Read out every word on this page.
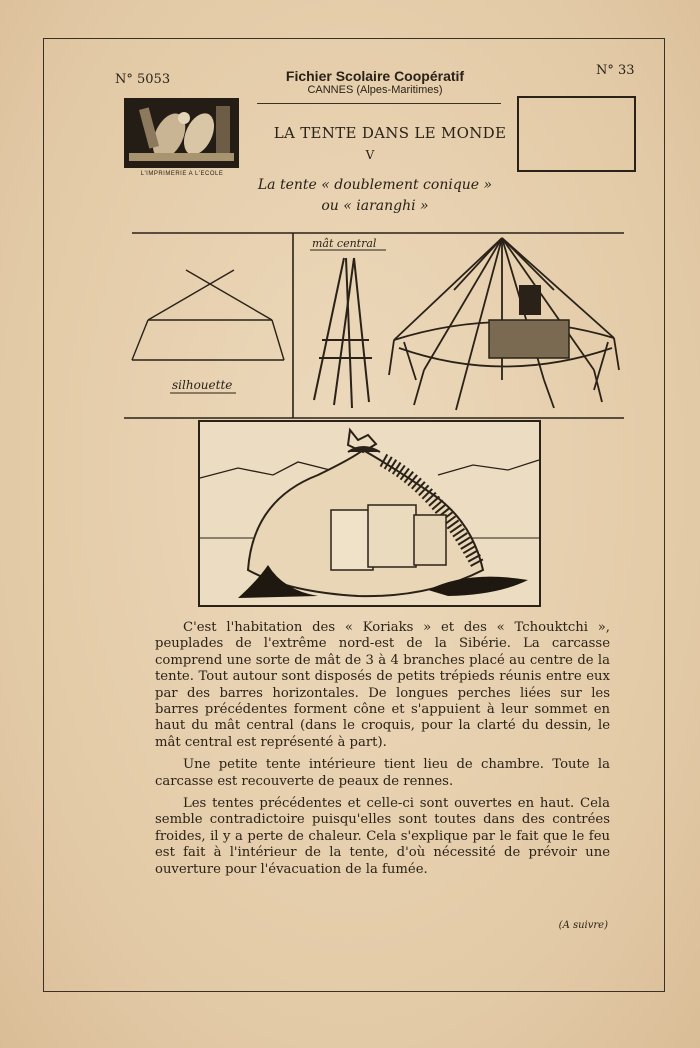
N° 5053
N° 33
Fichier Scolaire Coopératif
CANNES (Alpes-Maritimes)
L'IMPRIMERIE A L'ECOLE
LA TENTE DANS LE MONDE
V
La tente « doublement conique »
ou « iaranghi »
silhouette
mât central

C'est l'habitation des « Koriaks » et des « Tchouktchi », peuplades de l'extrême nord-est de la Sibérie. La carcasse comprend une sorte de mât de 3 à 4 branches placé au centre de la tente. Tout autour sont disposés de petits trépieds réunis entre eux par des barres horizontales. De longues perches liées sur les barres précédentes forment cône et s'appuient à leur sommet en haut du mât central (dans le croquis, pour la clarté du dessin, le mât central est représenté à part).

Une petite tente intérieure tient lieu de chambre. Toute la carcasse est recouverte de peaux de rennes.

Les tentes précédentes et celle-ci sont ouvertes en haut. Cela semble contradictoire puisqu'elles sont toutes dans des contrées froides, il y a perte de chaleur. Cela s'explique par le fait que le feu est fait à l'intérieur de la tente, d'où nécessité de prévoir une ouverture pour l'évacuation de la fumée.

(A suivre)
